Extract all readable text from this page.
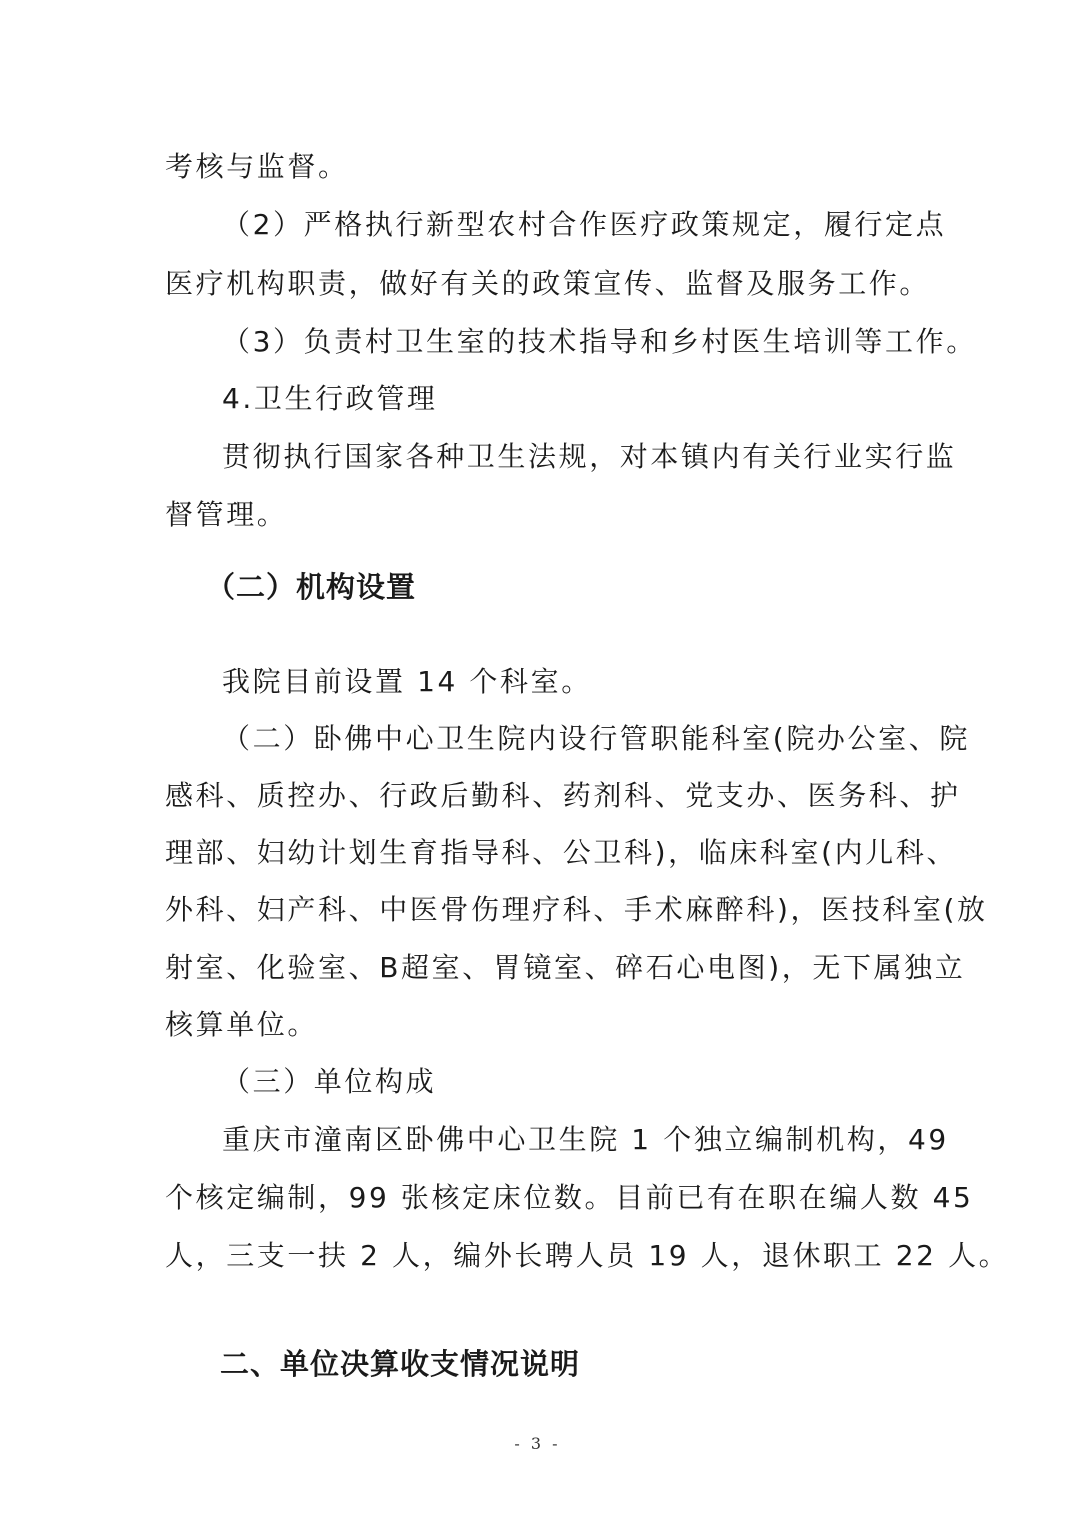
考核与监督。
（2）严格执行新型农村合作医疗政策规定，履行定点
医疗机构职责，做好有关的政策宣传、监督及服务工作。
（3）负责村卫生室的技术指导和乡村医生培训等工作。
4.卫生行政管理
贯彻执行国家各种卫生法规，对本镇内有关行业实行监
督管理。
（二）机构设置
我院目前设置 14 个科室。
（二）卧佛中心卫生院内设行管职能科室(院办公室、院
感科、质控办、行政后勤科、药剂科、党支办、医务科、护
理部、妇幼计划生育指导科、公卫科)，临床科室(内儿科、
外科、妇产科、中医骨伤理疗科、手术麻醉科)，医技科室(放
射室、化验室、B超室、胃镜室、碎石心电图)，无下属独立
核算单位。
（三）单位构成
重庆市潼南区卧佛中心卫生院 1 个独立编制机构，49
个核定编制，99 张核定床位数。目前已有在职在编人数 45
人，三支一扶 2 人，编外长聘人员 19 人，退休职工 22 人。
二、单位决算收支情况说明
- 3 -
